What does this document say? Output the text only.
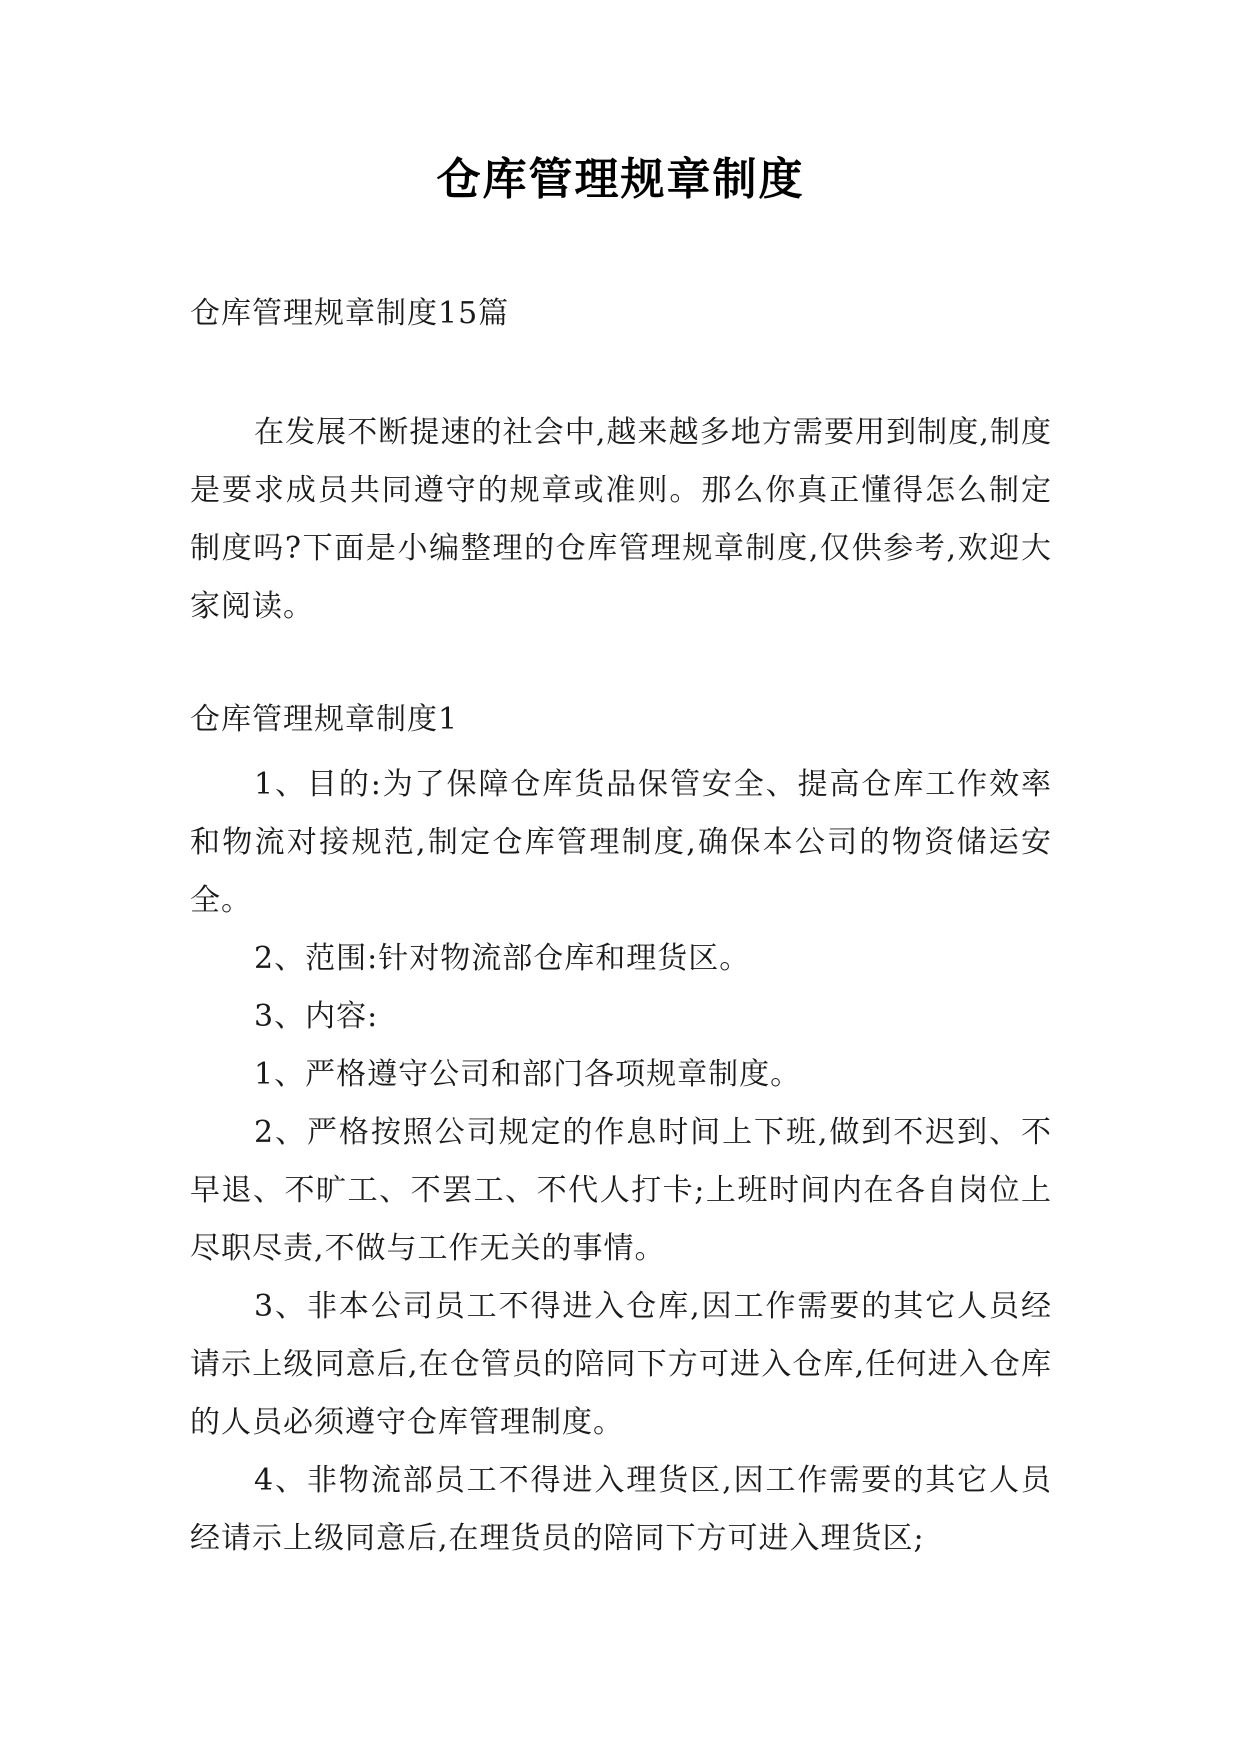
仓库管理规章制度
仓库管理规章制度15篇
在发展不断提速的社会中,越来越多地方需要用到制度,制度是要求成员共同遵守的规章或准则。那么你真正懂得怎么制定制度吗?下面是小编整理的仓库管理规章制度,仅供参考,欢迎大家阅读。
仓库管理规章制度1

1、目的:为了保障仓库货品保管安全、提高仓库工作效率和物流对接规范,制定仓库管理制度,确保本公司的物资储运安全。

2、范围:针对物流部仓库和理货区。

3、内容:

1、严格遵守公司和部门各项规章制度。

2、严格按照公司规定的作息时间上下班,做到不迟到、不早退、不旷工、不罢工、不代人打卡;上班时间内在各自岗位上尽职尽责,不做与工作无关的事情。

3、非本公司员工不得进入仓库,因工作需要的其它人员经请示上级同意后,在仓管员的陪同下方可进入仓库,任何进入仓库的人员必须遵守仓库管理制度。

4、非物流部员工不得进入理货区,因工作需要的其它人员经请示上级同意后,在理货员的陪同下方可进入理货区;
